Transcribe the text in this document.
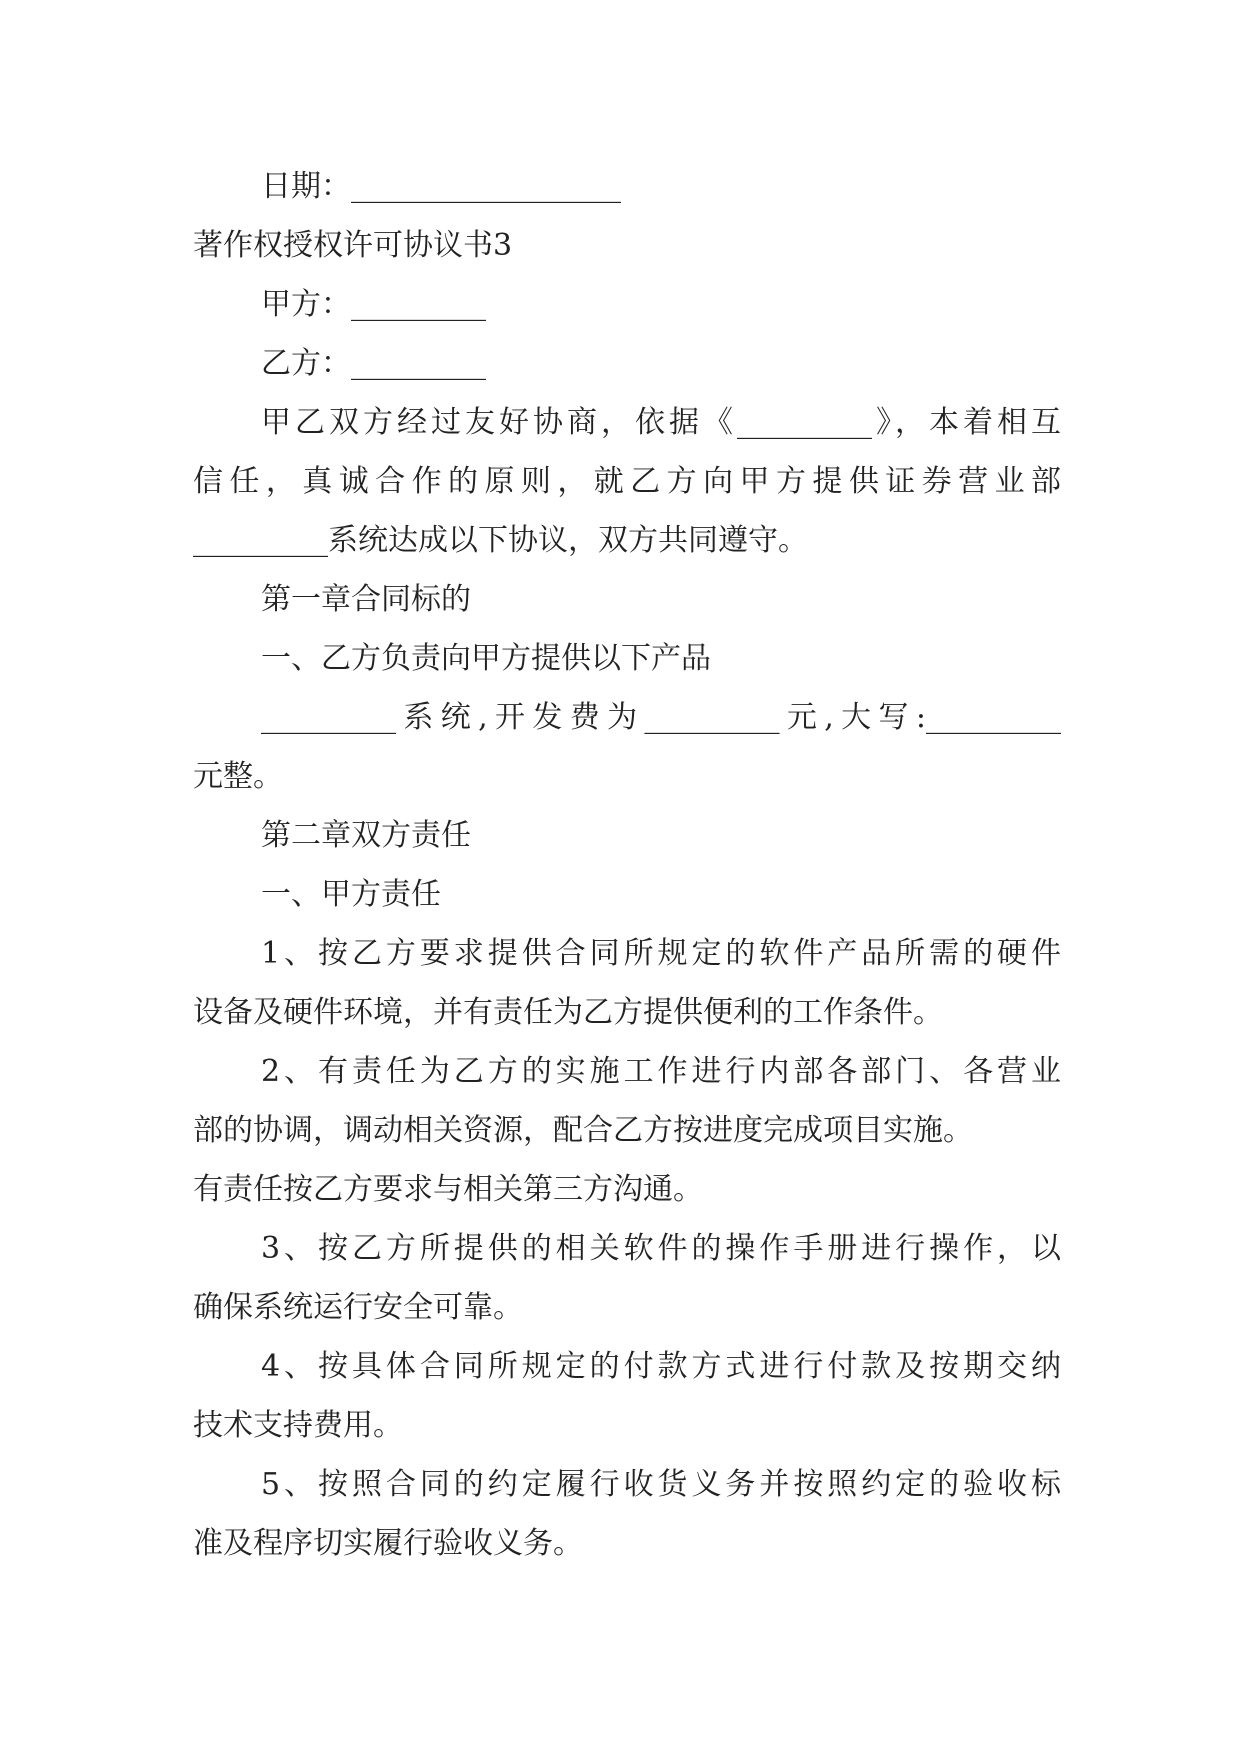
日期：__________________
著作权授权许可协议书3
甲方：_________
乙方：_________
甲乙双方经过友好协商，依据《_________》，本着相互
信任，真诚合作的原则，就乙方向甲方提供证券营业部
_________系统达成以下协议，双方共同遵守。
第一章合同标的
一、乙方负责向甲方提供以下产品
_________系统,开发费为_________元,大写:_________
元整。
第二章双方责任
一、甲方责任
1、按乙方要求提供合同所规定的软件产品所需的硬件
设备及硬件环境，并有责任为乙方提供便利的工作条件。
2、有责任为乙方的实施工作进行内部各部门、各营业
部的协调，调动相关资源，配合乙方按进度完成项目实施。
有责任按乙方要求与相关第三方沟通。
3、按乙方所提供的相关软件的操作手册进行操作，以
确保系统运行安全可靠。
4、按具体合同所规定的付款方式进行付款及按期交纳
技术支持费用。
5、按照合同的约定履行收货义务并按照约定的验收标
准及程序切实履行验收义务。
